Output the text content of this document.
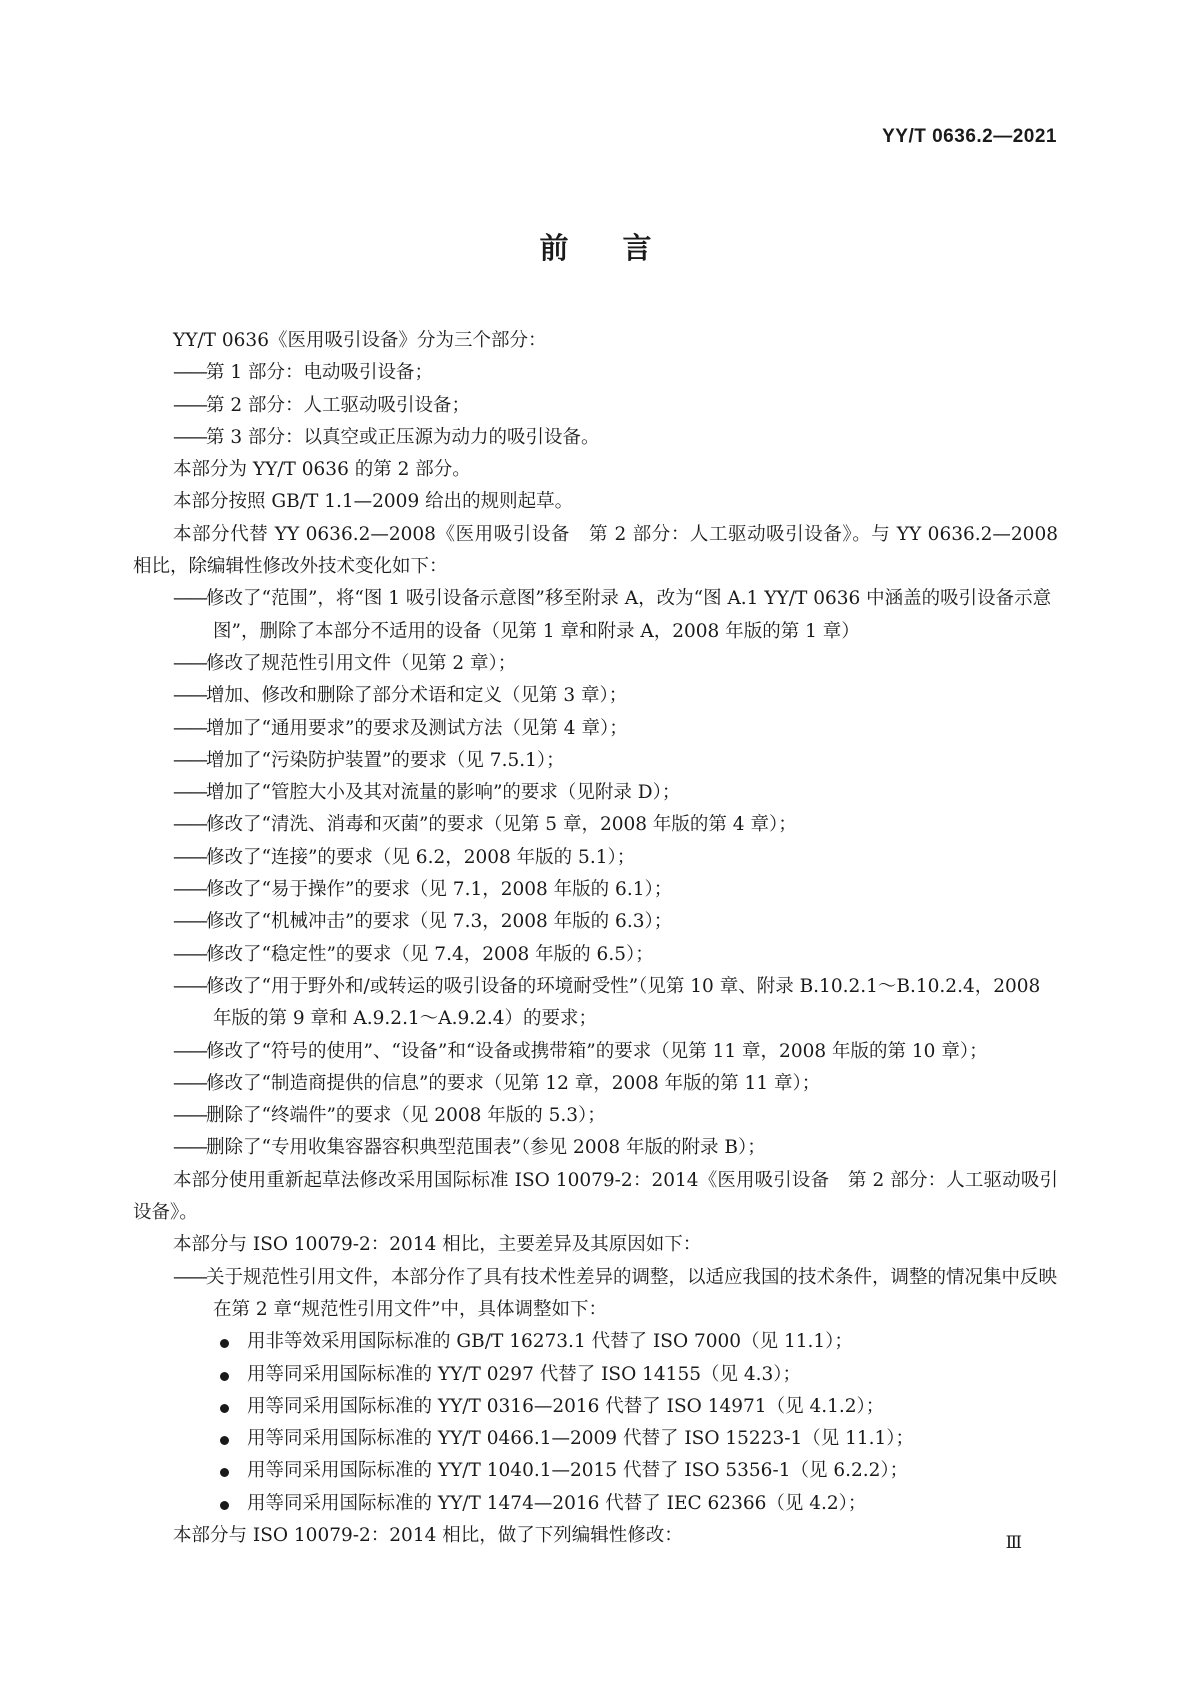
YY/T 0636.2—2021
前言

YY/T 0636《医用吸引设备》分为三个部分：

——第 1 部分：电动吸引设备；

——第 2 部分：人工驱动吸引设备；

——第 3 部分：以真空或正压源为动力的吸引设备。

本部分为 YY/T 0636 的第 2 部分。

本部分按照 GB/T 1.1—2009 给出的规则起草。

本部分代替 YY 0636.2—2008《医用吸引设备　第 2 部分：人工驱动吸引设备》。与 YY 0636.2—2008 相比，除编辑性修改外技术变化如下：

——修改了“范围”，将“图 1 吸引设备示意图”移至附录 A，改为“图 A.1 YY/T 0636 中涵盖的吸引设备示意图”，删除了本部分不适用的设备（见第 1 章和附录 A，2008 年版的第 1 章）

——修改了规范性引用文件（见第 2 章）；

——增加、修改和删除了部分术语和定义（见第 3 章）；

——增加了“通用要求”的要求及测试方法（见第 4 章）；

——增加了“污染防护装置”的要求（见 7.5.1）；

——增加了“管腔大小及其对流量的影响”的要求（见附录 D）；

——修改了“清洗、消毒和灭菌”的要求（见第 5 章，2008 年版的第 4 章）；

——修改了“连接”的要求（见 6.2，2008 年版的 5.1）；

——修改了“易于操作”的要求（见 7.1，2008 年版的 6.1）；

——修改了“机械冲击”的要求（见 7.3，2008 年版的 6.3）；

——修改了“稳定性”的要求（见 7.4，2008 年版的 6.5）；

——修改了“用于野外和/或转运的吸引设备的环境耐受性”（见第 10 章、附录 B.10.2.1～B.10.2.4，2008 年版的第 9 章和 A.9.2.1～A.9.2.4）的要求；

——修改了“符号的使用”、“设备”和“设备或携带箱”的要求（见第 11 章，2008 年版的第 10 章）；

——修改了“制造商提供的信息”的要求（见第 12 章，2008 年版的第 11 章）；

——删除了“终端件”的要求（见 2008 年版的 5.3）；

——删除了“专用收集容器容积典型范围表”（参见 2008 年版的附录 B）；

本部分使用重新起草法修改采用国际标准 ISO 10079-2：2014《医用吸引设备　第 2 部分：人工驱动吸引设备》。

本部分与 ISO 10079-2：2014 相比，主要差异及其原因如下：

——关于规范性引用文件，本部分作了具有技术性差异的调整，以适应我国的技术条件，调整的情况集中反映在第 2 章“规范性引用文件”中，具体调整如下：

用非等效采用国际标准的 GB/T 16273.1 代替了 ISO 7000（见 11.1）；

用等同采用国际标准的 YY/T 0297 代替了 ISO 14155（见 4.3）；

用等同采用国际标准的 YY/T 0316—2016 代替了 ISO 14971（见 4.1.2）；

用等同采用国际标准的 YY/T 0466.1—2009 代替了 ISO 15223-1（见 11.1）；

用等同采用国际标准的 YY/T 1040.1—2015 代替了 ISO 5356-1（见 6.2.2）；

用等同采用国际标准的 YY/T 1474—2016 代替了 IEC 62366（见 4.2）；

本部分与 ISO 10079-2：2014 相比，做了下列编辑性修改：	Ⅲ
